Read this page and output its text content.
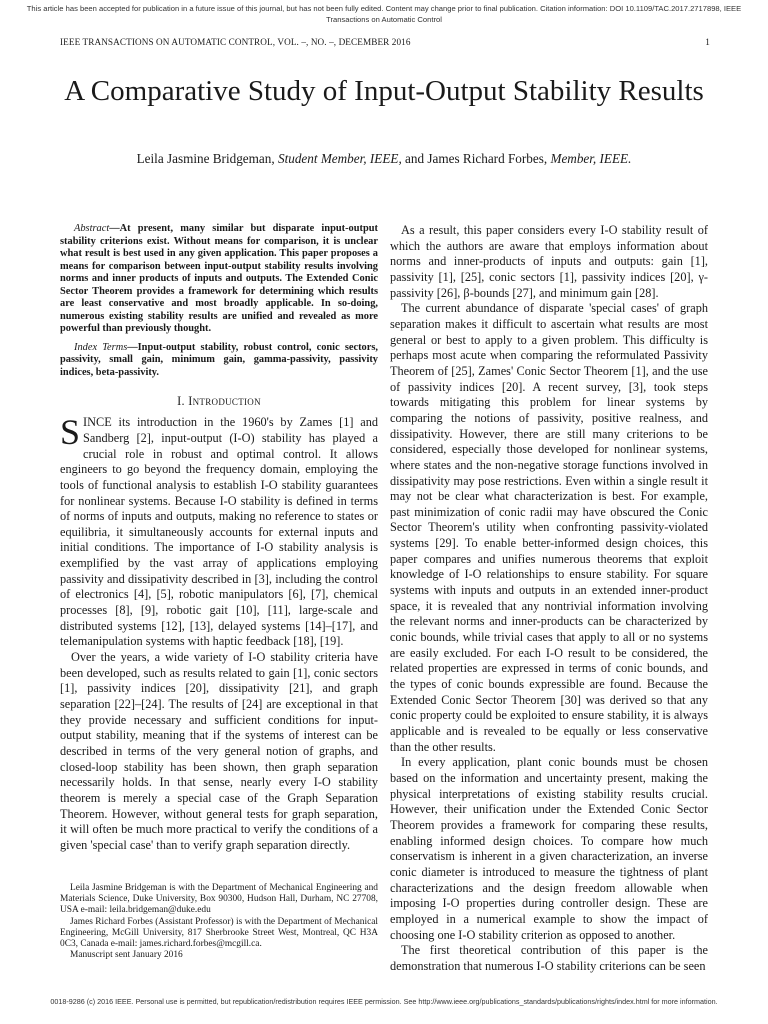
This article has been accepted for publication in a future issue of this journal, but has not been fully edited. Content may change prior to final publication. Citation information: DOI 10.1109/TAC.2017.2717898, IEEE Transactions on Automatic Control
IEEE TRANSACTIONS ON AUTOMATIC CONTROL, VOL. –, NO. –, DECEMBER 2016	1
A Comparative Study of Input-Output Stability Results
Leila Jasmine Bridgeman, Student Member, IEEE, and James Richard Forbes, Member, IEEE.

Abstract—At present, many similar but disparate input-output stability criterions exist. Without means for comparison, it is unclear what result is best used in any given application. This paper proposes a means for comparison between input-output stability results involving norms and inner products of inputs and outputs. The Extended Conic Sector Theorem provides a framework for determining which results are least conservative and most broadly applicable. In so-doing, numerous existing stability results are unified and revealed as more powerful than previously thought.

Index Terms—Input-output stability, robust control, conic sectors, passivity, small gain, minimum gain, gamma-passivity, passivity indices, beta-passivity.

I. Introduction

SINCE its introduction in the 1960's by Zames [1] and Sandberg [2], input-output (I-O) stability has played a crucial role in robust and optimal control. It allows engineers to go beyond the frequency domain, employing the tools of functional analysis to establish I-O stability guarantees for nonlinear systems. Because I-O stability is defined in terms of norms of inputs and outputs, making no reference to states or equilibria, it simultaneously accounts for external inputs and initial conditions. The importance of I-O stability analysis is exemplified by the vast array of applications employing passivity and dissipativity described in [3], including the control of electronics [4], [5], robotic manipulators [6], [7], chemical processes [8], [9], robotic gait [10], [11], large-scale and distributed systems [12], [13], delayed systems [14]–[17], and telemanipulation systems with haptic feedback [18], [19].

Over the years, a wide variety of I-O stability criteria have been developed, such as results related to gain [1], conic sectors [1], passivity indices [20], dissipativity [21], and graph separation [22]–[24]. The results of [24] are exceptional in that they provide necessary and sufficient conditions for input-output stability, meaning that if the systems of interest can be described in terms of the very general notion of graphs, and closed-loop stability has been shown, then graph separation necessarily holds. In that sense, nearly every I-O stability theorem is merely a special case of the Graph Separation Theorem. However, without general tests for graph separation, it will often be much more practical to verify the conditions of a given 'special case' than to verify graph separation directly.

Leila Jasmine Bridgeman is with the Department of Mechanical Engineering and Materials Science, Duke University, Box 90300, Hudson Hall, Durham, NC 27708, USA e-mail: leila.bridgeman@duke.edu

James Richard Forbes (Assistant Professor) is with the Department of Mechanical Engineering, McGill University, 817 Sherbrooke Street West, Montreal, QC H3A 0C3, Canada e-mail: james.richard.forbes@mcgill.ca.

Manuscript sent January 2016

As a result, this paper considers every I-O stability result of which the authors are aware that employs information about norms and inner-products of inputs and outputs: gain [1], passivity [1], [25], conic sectors [1], passivity indices [20], γ-passivity [26], β-bounds [27], and minimum gain [28].

The current abundance of disparate 'special cases' of graph separation makes it difficult to ascertain what results are most general or best to apply to a given problem. This difficulty is perhaps most acute when comparing the reformulated Passivity Theorem of [25], Zames' Conic Sector Theorem [1], and the use of passivity indices [20]. A recent survey, [3], took steps towards mitigating this problem for linear systems by comparing the notions of passivity, positive realness, and dissipativity. However, there are still many criterions to be considered, especially those developed for nonlinear systems, where states and the non-negative storage functions involved in dissipativity may pose restrictions. Even within a single result it may not be clear what characterization is best. For example, past minimization of conic radii may have obscured the Conic Sector Theorem's utility when confronting passivity-violated systems [29]. To enable better-informed design choices, this paper compares and unifies numerous theorems that exploit knowledge of I-O relationships to ensure stability. For square systems with inputs and outputs in an extended inner-product space, it is revealed that any nontrivial information involving the relevant norms and inner-products can be characterized by conic bounds, while trivial cases that apply to all or no systems are easily excluded. For each I-O result to be considered, the related properties are expressed in terms of conic bounds, and the types of conic bounds expressible are found. Because the Extended Conic Sector Theorem [30] was derived so that any conic property could be exploited to ensure stability, it is always applicable and is revealed to be equally or less conservative than the other results.

In every application, plant conic bounds must be chosen based on the information and uncertainty present, making the physical interpretations of existing stability results crucial. However, their unification under the Extended Conic Sector Theorem provides a framework for comparing these results, enabling informed design choices. To compare how much conservatism is inherent in a given characterization, an inverse conic diameter is introduced to measure the tightness of plant characterizations and the design freedom allowable when imposing I-O properties during controller design. These are employed in a numerical example to show the impact of choosing one I-O stability criterion as opposed to another.

The first theoretical contribution of this paper is the demonstration that numerous I-O stability criterions can be seen

0018-9286 (c) 2016 IEEE. Personal use is permitted, but republication/redistribution requires IEEE permission. See http://www.ieee.org/publications_standards/publications/rights/index.html for more information.
